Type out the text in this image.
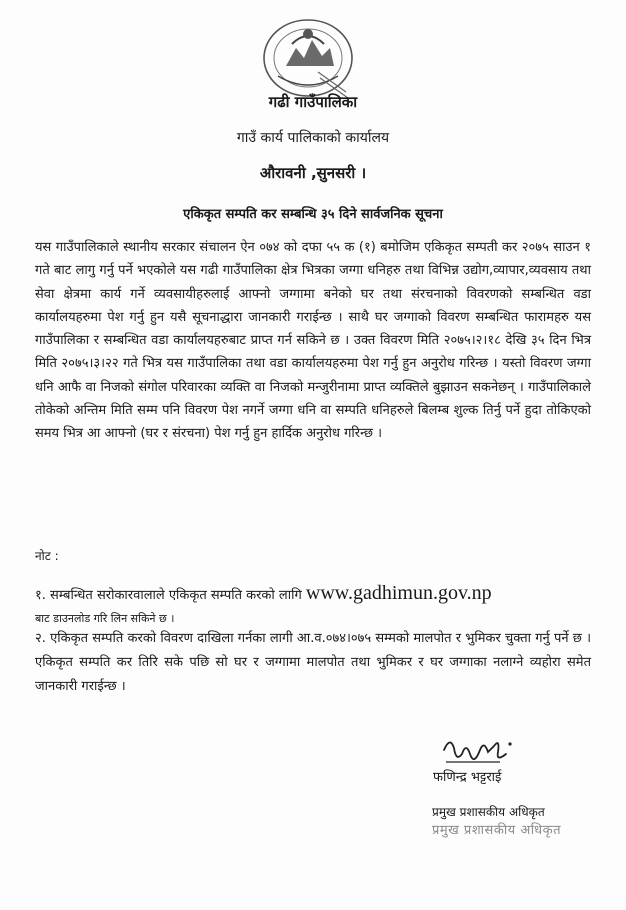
गढी गाउँपालिका
गाउँ कार्य पालिकाको कार्यालय
औरावनी ,सुनसरी ।
एकिकृत सम्पति कर सम्बन्धि ३५ दिने सार्वजनिक सूचना
यस गाउँपालिकाले स्थानीय सरकार संचालन ऐन ०७४ को दफा ५५ क (१) बमोजिम एकिकृत सम्पती कर २०७५ साउन १ गते बाट लागु गर्नु पर्ने भएकोले यस गढी गाउँपालिका क्षेत्र भित्रका जग्गा धनिहरु तथा विभिन्न उद्योग,व्यापार,व्यवसाय तथा सेवा क्षेत्रमा कार्य गर्ने व्यवसायीहरुलाई आफ्नो जग्गामा बनेको घर तथा संरचनाको विवरणको सम्बन्धित वडा कार्यालयहरुमा पेश गर्नु हुन यसै सूचनाद्धारा जानकारी गराईन्छ । साथै घर जग्गाको विवरण सम्बन्धित फारामहरु यस गाउँपालिका र सम्बन्धित वडा कार्यालयहरुबाट प्राप्त गर्न सकिने छ । उक्त विवरण मिति २०७५।२।१८ देखि ३५ दिन भित्र मिति २०७५।३।२२ गते भित्र यस गाउँपालिका तथा वडा कार्यालयहरुमा पेश गर्नु हुन अनुरोध गरिन्छ । यस्तो विवरण जग्गा धनि आफै वा निजको संगोल परिवारका व्यक्ति वा निजको मन्जुरीनामा प्राप्त व्यक्तिले बुझाउन सकनेछन् । गाउँपालिकाले तोकेको अन्तिम मिति सम्म पनि विवरण पेश नगर्ने जग्गा धनि वा सम्पति धनिहरुले बिलम्ब शुल्क तिर्नु पर्ने हुदा तोकिएको समय भित्र आ आफ्नो (घर र संरचना) पेश गर्नु हुन हार्दिक अनुरोध गरिन्छ ।
नोट :
१. सम्बन्धित सरोकारवालाले एकिकृत सम्पति करको लागि www.gadhimun.gov.np
बाट डाउनलोड गरि लिन सकिने छ ।
२. एकिकृत सम्पति करको विवरण दाखिला गर्नका लागी आ.व.०७४।०७५ सम्मको मालपोत र भुमिकर चुक्ता गर्नु पर्ने छ । एकिकृत सम्पति कर तिरि सके पछि सो घर र जग्गामा मालपोत तथा भुमिकर र घर जग्गाका नलाग्ने व्यहोरा समेत जानकारी गराईन्छ ।
फणिन्द्र भट्टराई
प्रमुख प्रशासकीय अधिकृत
प्रमुख प्रशासकीय अधिकृत
